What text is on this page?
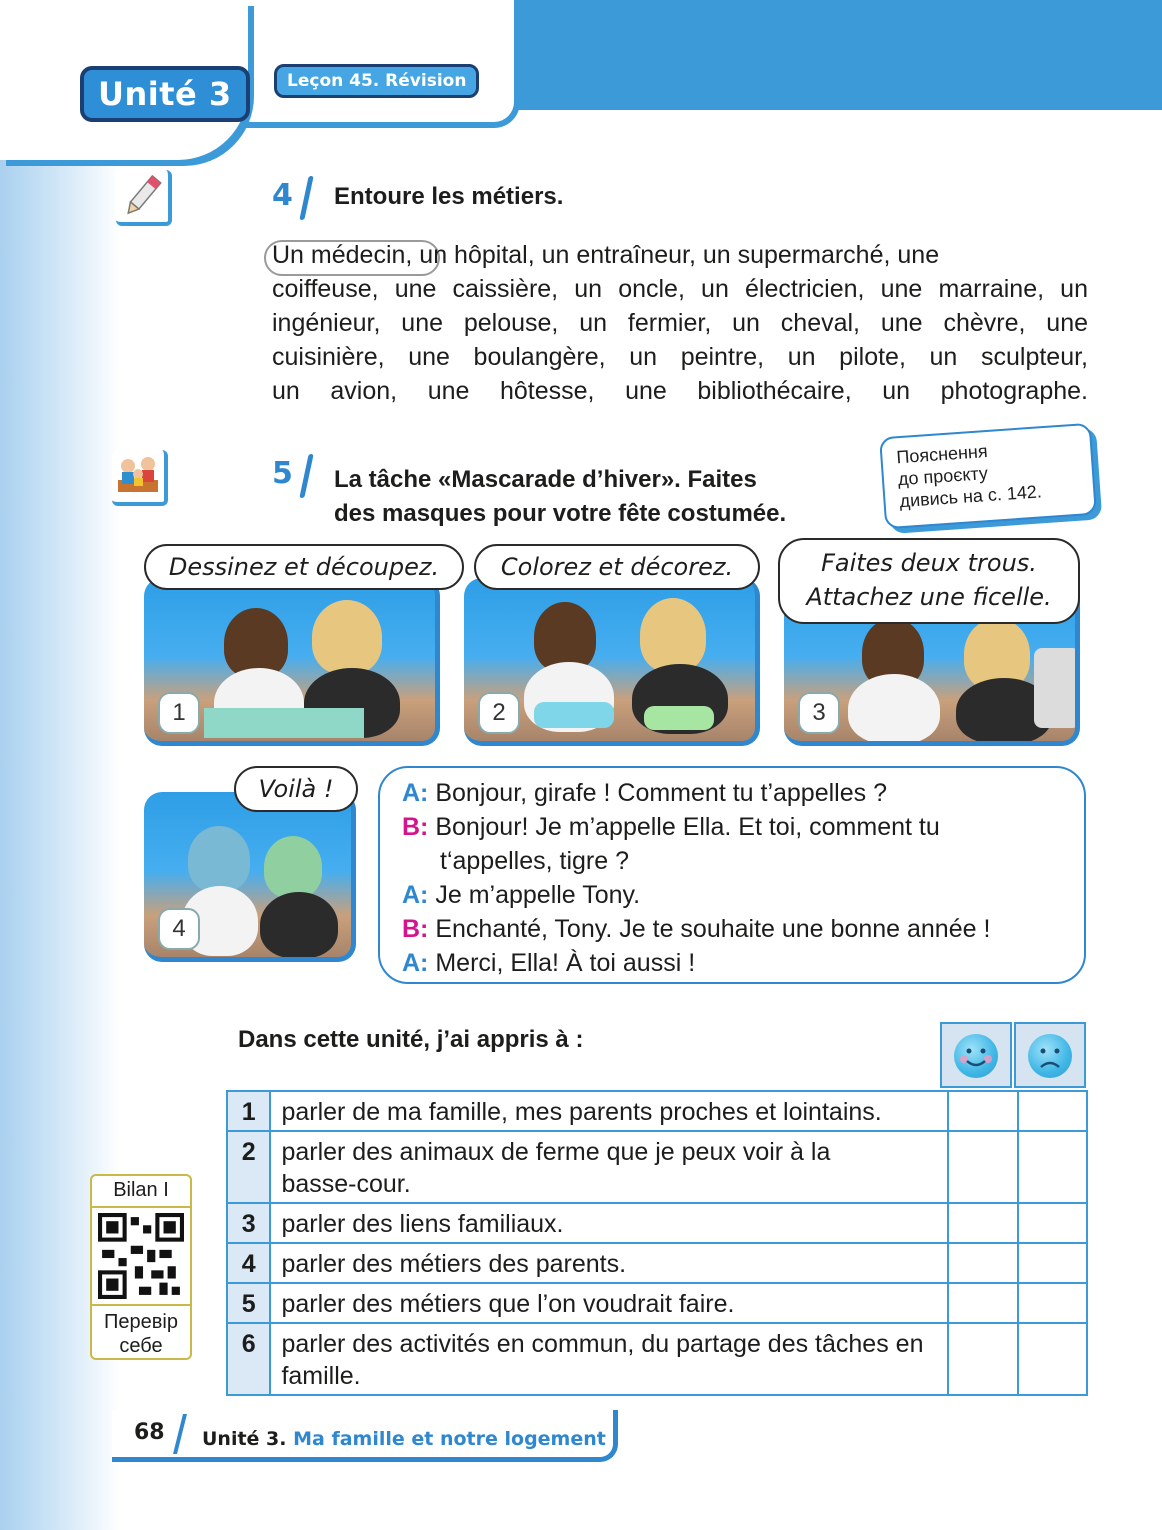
Unité 3	Leçon 45. Révision
4 Entoure les métiers.
Un médecin, un hôpital, un entraîneur, un supermarché, une
coiffeuse, une caissière, un oncle, un électricien, une marraine, un
ingénieur, une pelouse, un fermier, un cheval, une chèvre, une
cuisinière, une boulangère, un peintre, un pilote, un sculpteur,
un avion, une hôtesse, une bibliothécaire, un photographe.
5 La tâche «Mascarade d’hiver». Faites
des masques pour votre fête costumée.
Пояснення
до проєкту
дивись на с. 142.
1
Dessinez et découpez.
2
Colorez et décorez.
3
Faites deux trous.
Attachez une ficelle.
4
Voilà !	A: Bonjour, girafe ! Comment tu t’appelles ?
B: Bonjour! Je m’appelle Ella. Et toi, comment tu
t‘appelles, tigre ?
A: Je m’appelle Tony.
B: Enchanté, Tony. Je te souhaite une bonne année !
A: Merci, Ella! À toi aussi !
Dans cette unité, j’ai appris à :
1	parler de ma famille, mes parents proches et lointains.		
2	parler des animaux de ferme que je peux voir à la basse-cour.		
3	parler des liens familiaux.		
4	parler des métiers des parents.		
5	parler des métiers que l’on voudrait faire.		
6	parler des activités en commun, du partage des tâches en famille.		
Bilan I
Перевір
себе
68 Unité 3. Ma famille et notre logement
